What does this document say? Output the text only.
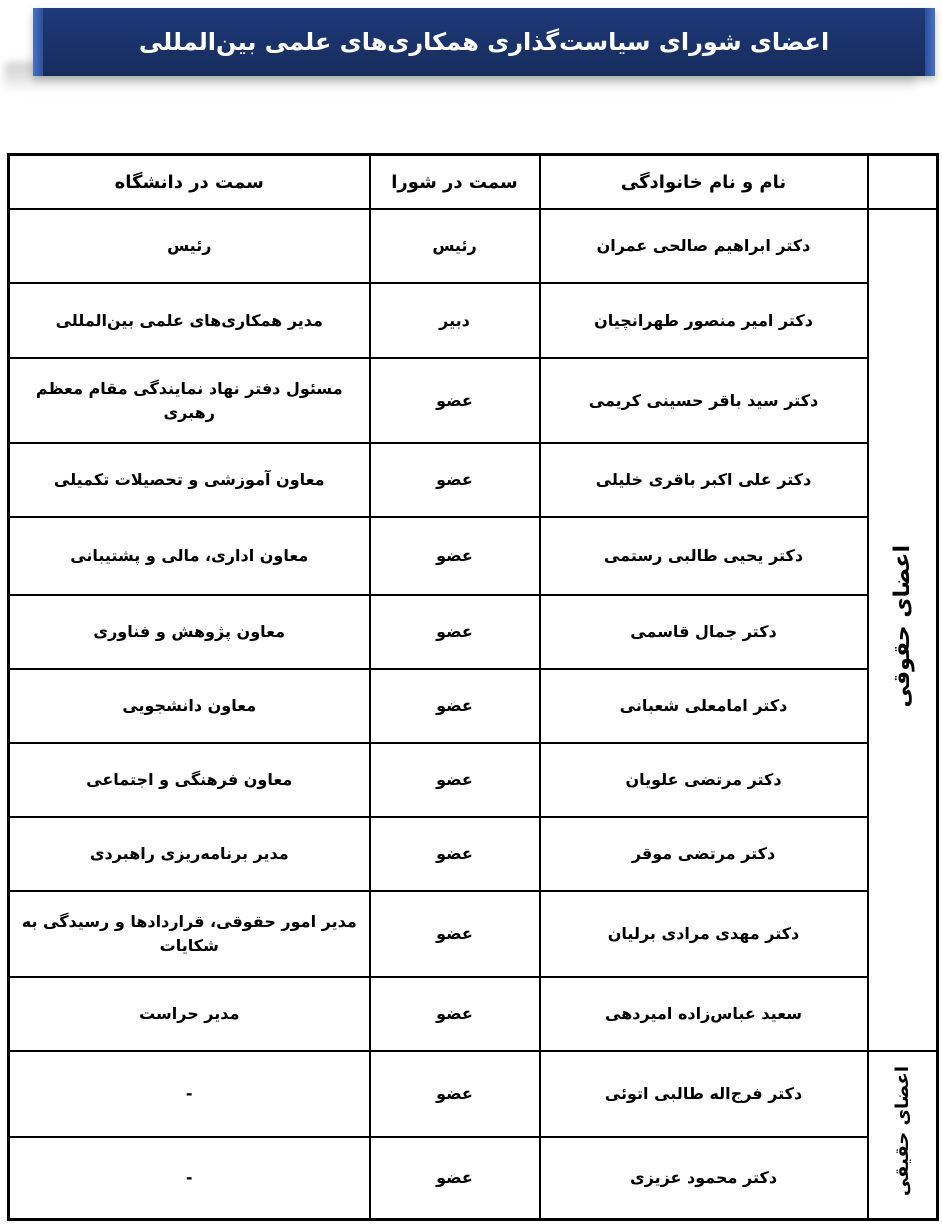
اعضای شورای سیاست‌گذاری همکاری‌های علمی بین‌المللی
	نام و نام خانوادگی	سمت در شورا	سمت در دانشگاه
اعضای حقوقی	دکتر ابراهیم صالحی عمران	رئیس	رئیس
	دکتر امیر منصور طهرانچیان	دبیر	مدیر همکاری‌های علمی بین‌المللی
	دکتر سید باقر حسینی کریمی	عضو	مسئول دفتر نهاد نمایندگی مقام معظم رهبری
	دکتر علی اکبر باقری خلیلی	عضو	معاون آموزشی و تحصیلات تکمیلی
	دکتر یحیی طالبی رستمی	عضو	معاون اداری، مالی و پشتیبانی
	دکتر جمال قاسمی	عضو	معاون پژوهش و فناوری
	دکتر امامعلی شعبانی	عضو	معاون دانشجویی
	دکتر مرتضی علویان	عضو	معاون فرهنگی و اجتماعی
	دکتر مرتضی موقر	عضو	مدیر برنامه‌ریزی راهبردی
	دکتر مهدی مرادی برلیان	عضو	مدیر امور حقوقی، قراردادها و رسیدگی به شکایات
	سعید عباس‌زاده امیردهی	عضو	مدیر حراست
اعضای حقیقی	دکتر فرج‌اله طالبی اتوئی	عضو	-
	دکتر محمود عزیزی	عضو	-
